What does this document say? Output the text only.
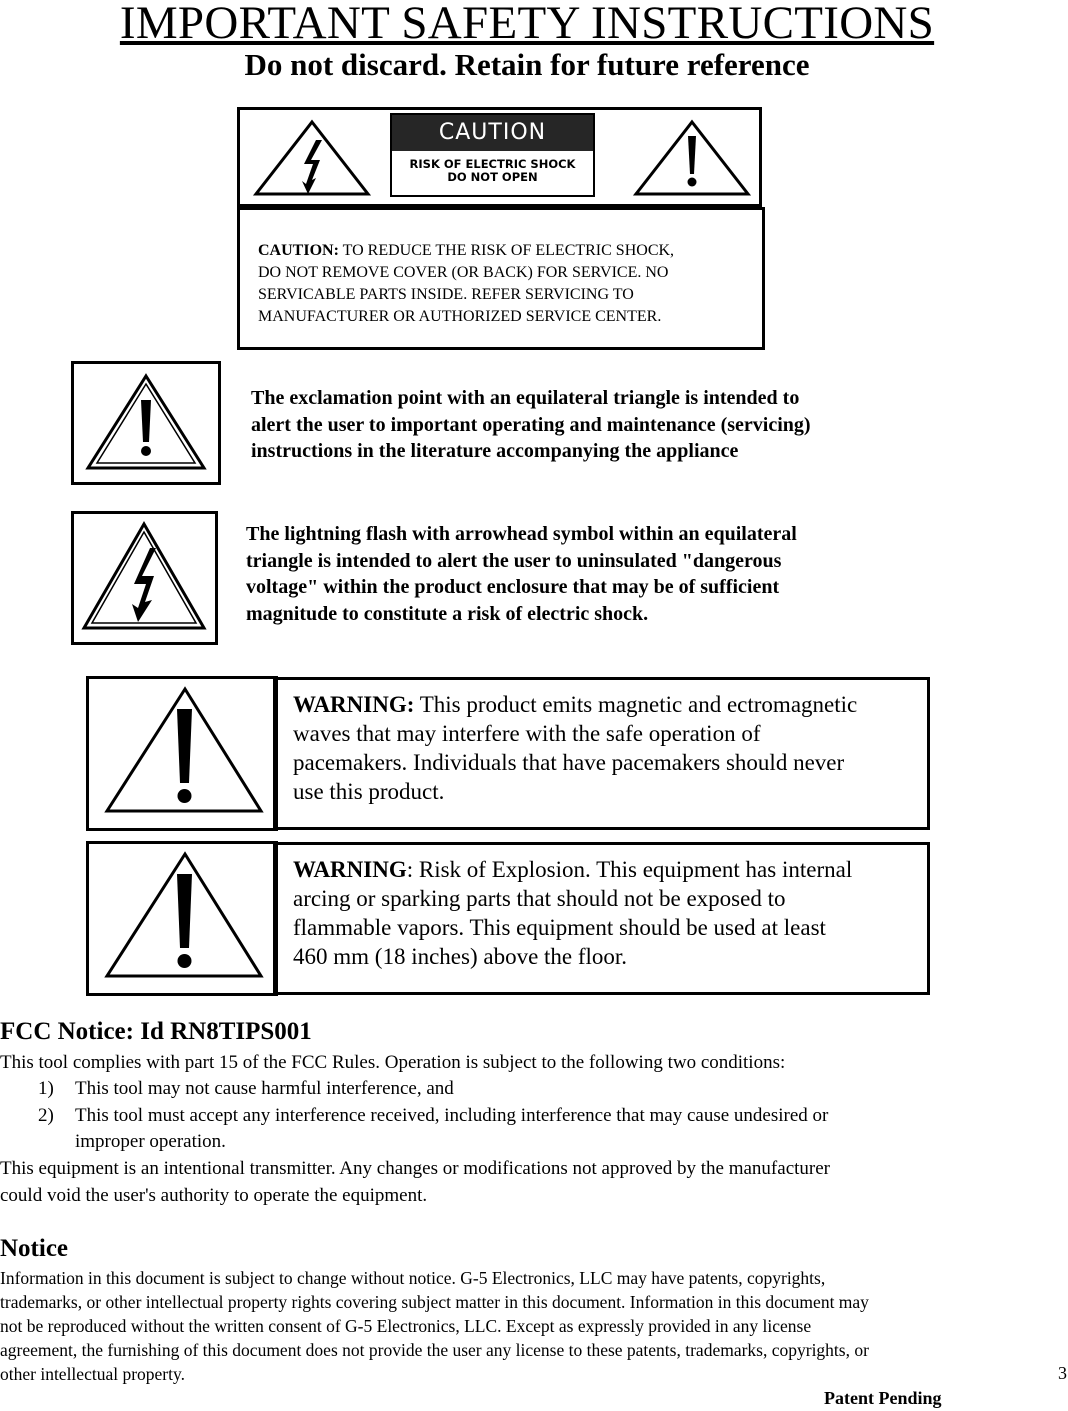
IMPORTANT SAFETY INSTRUCTIONS
Do not discard. Retain for future reference
CAUTION
RISK OF ELECTRIC SHOCK
DO NOT OPEN
CAUTION: TO REDUCE THE RISK OF ELECTRIC SHOCK,
DO NOT REMOVE COVER (OR BACK) FOR SERVICE. NO
SERVICABLE PARTS INSIDE. REFER SERVICING TO
MANUFACTURER OR AUTHORIZED SERVICE CENTER.
The exclamation point with an equilateral triangle is intended to
alert the user to important operating and maintenance (servicing)
instructions in the literature accompanying the appliance
The lightning flash with arrowhead symbol within an equilateral
triangle is intended to alert the user to uninsulated "dangerous
voltage" within the product enclosure that may be of sufficient
magnitude to constitute a risk of electric shock.
WARNING: This product emits magnetic and ectromagnetic
waves that may interfere with the safe operation of
pacemakers. Individuals that have pacemakers should never
use this product.
WARNING: Risk of Explosion. This equipment has internal
arcing or sparking parts that should not be exposed to
flammable vapors. This equipment should be used at least
460 mm (18 inches) above the floor.
FCC Notice: Id RN8TIPS001
This tool complies with part 15 of the FCC Rules. Operation is subject to the following two conditions:
1) This tool may not cause harmful interference, and
2) This tool must accept any interference received, including interference that may cause undesired or
improper operation.
This equipment is an intentional transmitter. Any changes or modifications not approved by the manufacturer
could void the user's authority to operate the equipment.
Notice
Information in this document is subject to change without notice. G-5 Electronics, LLC may have patents, copyrights,
trademarks, or other intellectual property rights covering subject matter in this document. Information in this document may
not be reproduced without the written consent of G-5 Electronics, LLC. Except as expressly provided in any license
agreement, the furnishing of this document does not provide the user any license to these patents, trademarks, copyrights, or
other intellectual property.	3
Patent Pending
